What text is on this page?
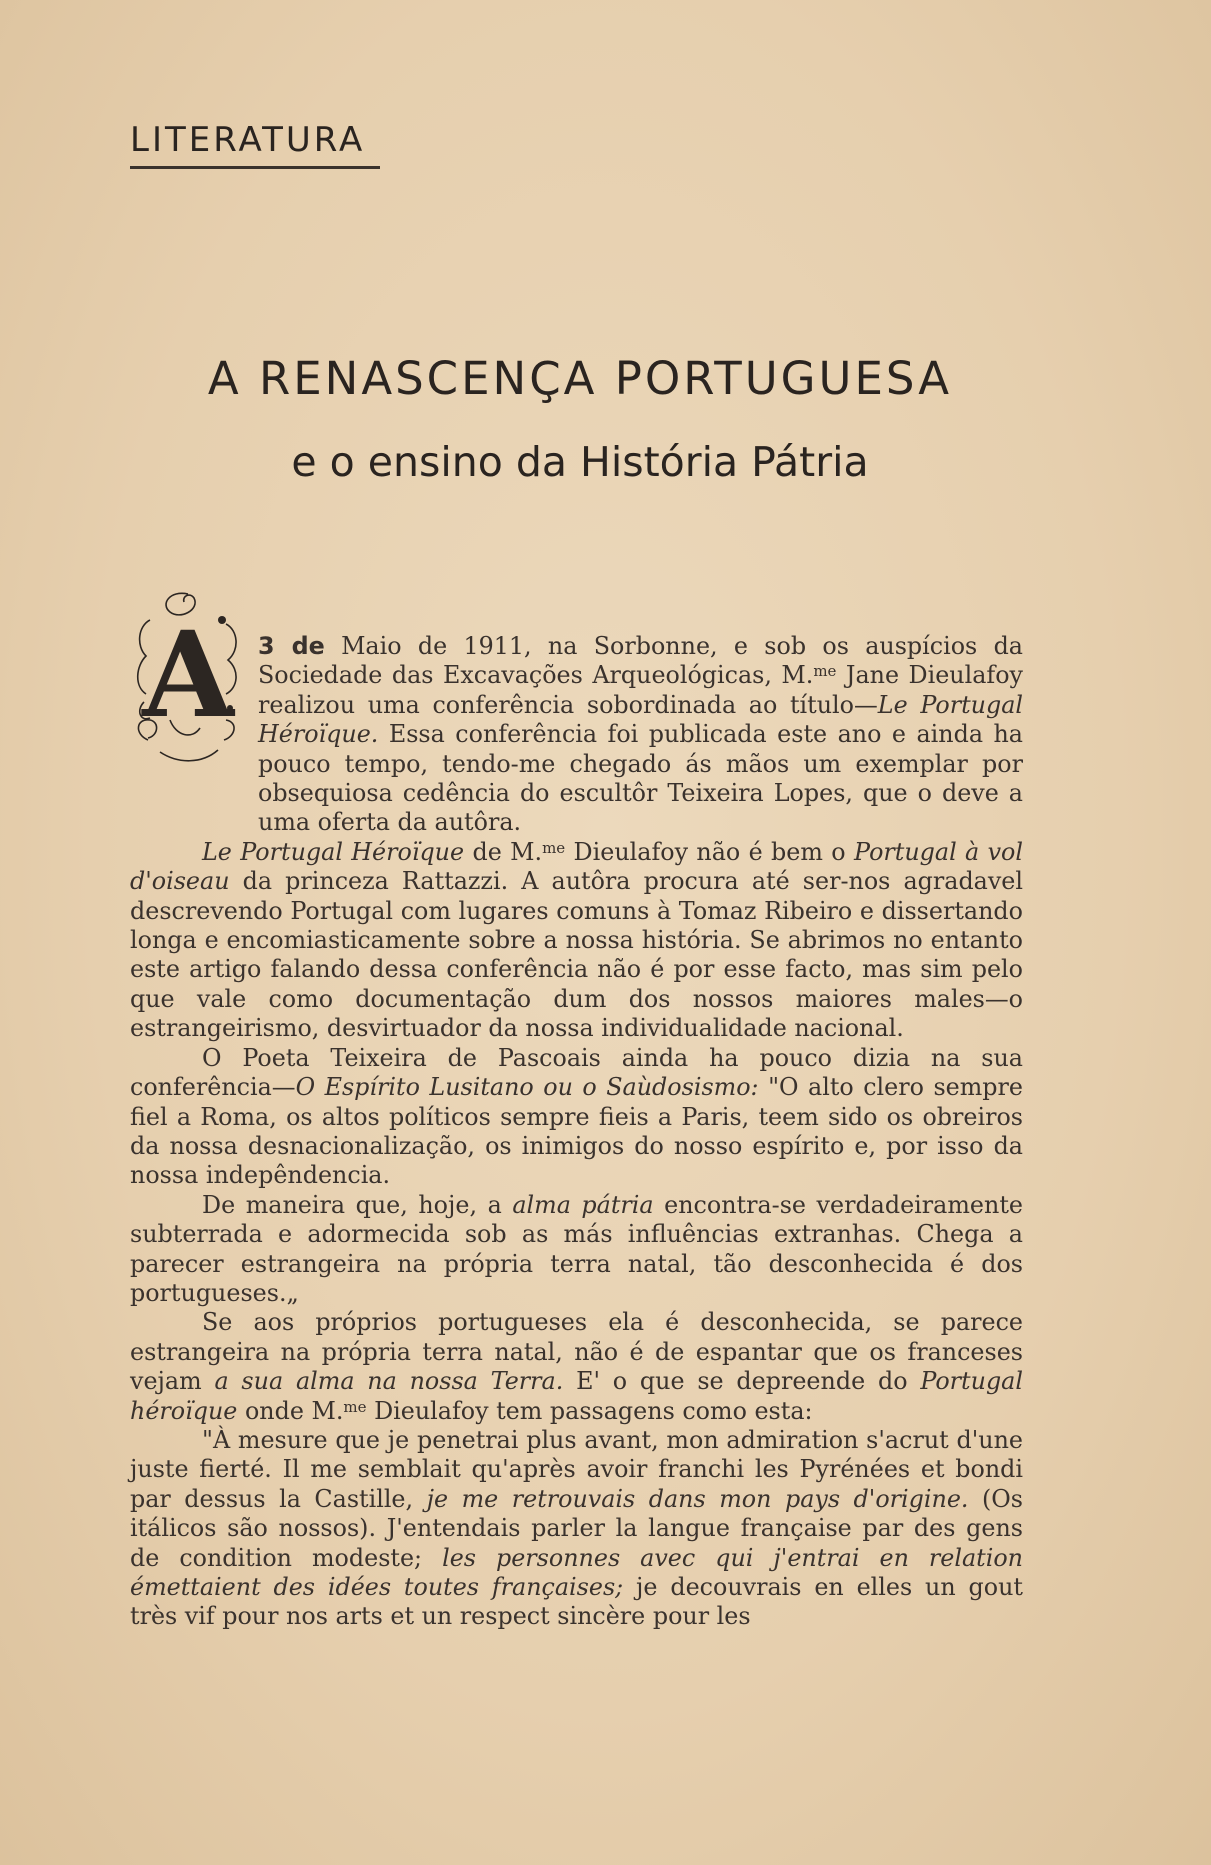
LITERATURA
A RENASCENÇA PORTUGUESA
e o ensino da História Pátria
A	3 de Maio de 1911, na Sorbonne, e sob os auspícios da Sociedade das Excavações Arqueológicas, M.$^{me}$ Jane Dieulafoy realizou uma conferência sobordinada ao título—Le Portugal Héroïque. Essa conferência foi publicada este ano e ainda ha pouco tempo, tendo-me chegado ás mãos um exemplar por obsequiosa cedência do escultôr Teixeira Lopes, que o deve a uma oferta da autôra.

Le Portugal Héroïque de M.$^{me}$ Dieulafoy não é bem o Portugal à vol d'oiseau da princeza Rattazzi. A autôra procura até ser-nos agradavel descrevendo Portugal com lugares comuns à Tomaz Ribeiro e dissertando longa e encomiasticamente sobre a nossa história. Se abrimos no entanto este artigo falando dessa conferência não é por esse facto, mas sim pelo que vale como documentação dum dos nossos maiores males—o estrangeirismo, desvirtuador da nossa individualidade nacional.

O Poeta Teixeira de Pascoais ainda ha pouco dizia na sua conferência—O Espírito Lusitano ou o Saùdosismo: "O alto clero sempre fiel a Roma, os altos políticos sempre fieis a Paris, teem sido os obreiros da nossa desnacionalização, os inimigos do nosso espírito e, por isso da nossa indepêndencia.

De maneira que, hoje, a alma pátria encontra-se verdadeiramente subterrada e adormecida sob as más influências extranhas. Chega a parecer estrangeira na própria terra natal, tão desconhecida é dos portugueses.„

Se aos próprios portugueses ela é desconhecida, se parece estrangeira na própria terra natal, não é de espantar que os franceses vejam a sua alma na nossa Terra. E' o que se depreende do Portugal héroïque onde M.$^{me}$ Dieulafoy tem passagens como esta:

"À mesure que je penetrai plus avant, mon admiration s'acrut d'une juste fierté. Il me semblait qu'après avoir franchi les Pyrénées et bondi par dessus la Castille, je me retrouvais dans mon pays d'origine. (Os itálicos são nossos). J'entendais parler la langue française par des gens de condition modeste; les personnes avec qui j'entrai en relation émettaient des idées toutes françaises; je decouvrais en elles un gout très vif pour nos arts et un respect sincère pour les
